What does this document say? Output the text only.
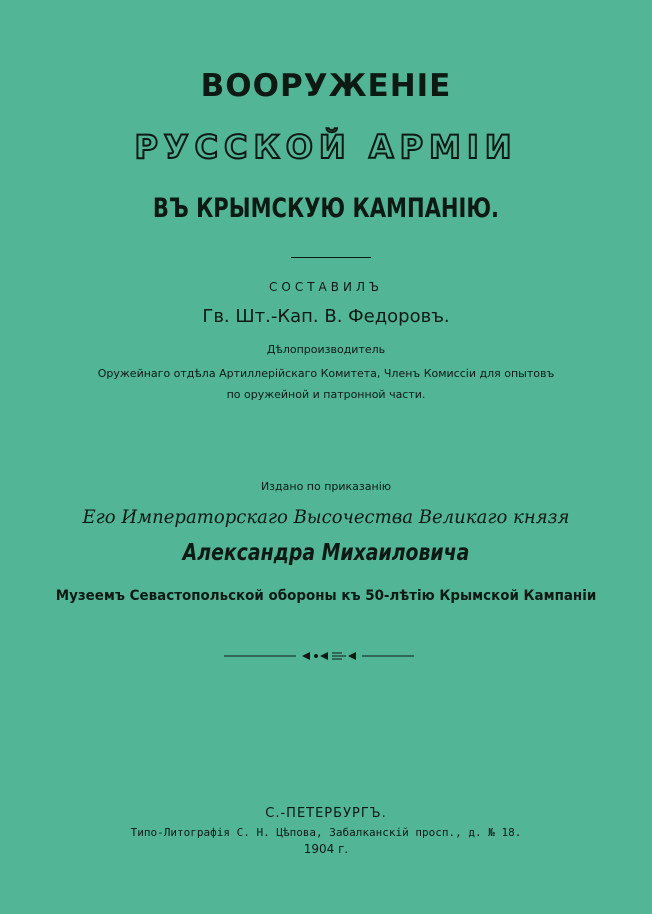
ВООРУЖЕНІЕ
РУССКОЙ АРМІИ
ВЪ КРЫМСКУЮ КАМПАНІЮ.
СОСТАВИЛЪ
Гв. Шт.-Кап. В. Федоровъ.
Дѣлопроизводитель
Оружейнаго отдѣла Артиллерійскаго Комитета, Членъ Комиссіи для опытовъ
по оружейной и патронной части.
Издано по приказанію
Его Императорскаго Высочества Великаго князя
Александра Михаиловича
Музеемъ Севастопольской обороны къ 50-лѣтію Крымской Кампаніи
С.-ПЕТЕРБУРГЪ.
Типо-Литографія С. Н. Цѣпова, Забалканскій просп., д. № 18.
1904 г.
